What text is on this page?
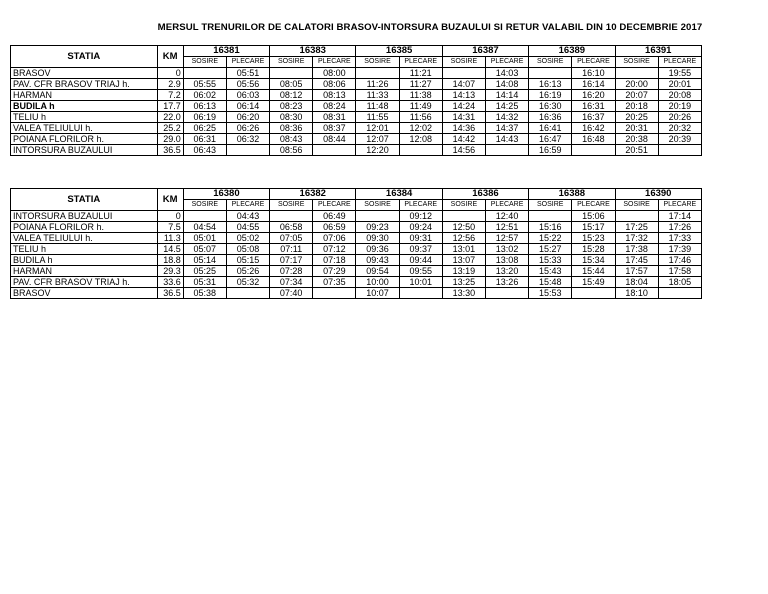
MERSUL TRENURILOR DE CALATORI BRASOV-INTORSURA BUZAULUI SI RETUR VALABIL DIN 10 DECEMBRIE 2017
STATIA	KM	16381		16383		16385		16387		16389		16391	
		SOSIRE	PLECARE	SOSIRE	PLECARE	SOSIRE	PLECARE	SOSIRE	PLECARE	SOSIRE	PLECARE	SOSIRE	PLECARE
BRASOV	0		05:51		08:00		11:21		14:03		16:10		19:55
PAV. CFR BRASOV TRIAJ h.	2.9	05:55	05:56	08:05	08:06	11:26	11:27	14:07	14:08	16:13	16:14	20:00	20:01
HARMAN	7.2	06:02	06:03	08:12	08:13	11:33	11:38	14:13	14:14	16:19	16:20	20:07	20:08
BUDILA h	17.7	06:13	06:14	08:23	08:24	11:48	11:49	14:24	14:25	16:30	16:31	20:18	20:19
TELIU h	22.0	06:19	06:20	08:30	08:31	11:55	11:56	14:31	14:32	16:36	16:37	20:25	20:26
VALEA TELIULUI h.	25.2	06:25	06:26	08:36	08:37	12:01	12:02	14:36	14:37	16:41	16:42	20:31	20:32
POIANA FLORILOR h.	29.0	06:31	06:32	08:43	08:44	12:07	12:08	14:42	14:43	16:47	16:48	20:38	20:39
INTORSURA BUZAULUI	36.5	06:43		08:56		12:20		14:56		16:59		20:51	
STATIA	KM	16380		16382		16384		16386		16388		16390	
		SOSIRE	PLECARE	SOSIRE	PLECARE	SOSIRE	PLECARE	SOSIRE	PLECARE	SOSIRE	PLECARE	SOSIRE	PLECARE
INTORSURA BUZAULUI	0		04:43		06:49		09:12		12:40		15:06		17:14
POIANA FLORILOR h.	7.5	04:54	04:55	06:58	06:59	09:23	09:24	12:50	12:51	15:16	15:17	17:25	17:26
VALEA TELIULUI h.	11.3	05:01	05:02	07:05	07:06	09:30	09:31	12:56	12:57	15:22	15:23	17:32	17:33
TELIU h	14.5	05:07	05:08	07:11	07:12	09:36	09:37	13:01	13:02	15:27	15:28	17:38	17:39
BUDILA h	18.8	05:14	05:15	07:17	07:18	09:43	09:44	13:07	13:08	15:33	15:34	17:45	17:46
HARMAN	29.3	05:25	05:26	07:28	07:29	09:54	09:55	13:19	13:20	15:43	15:44	17:57	17:58
PAV. CFR BRASOV TRIAJ h.	33.6	05:31	05:32	07:34	07:35	10:00	10:01	13:25	13:26	15:48	15:49	18:04	18:05
BRASOV	36.5	05:38		07:40		10:07		13:30		15:53		18:10	
